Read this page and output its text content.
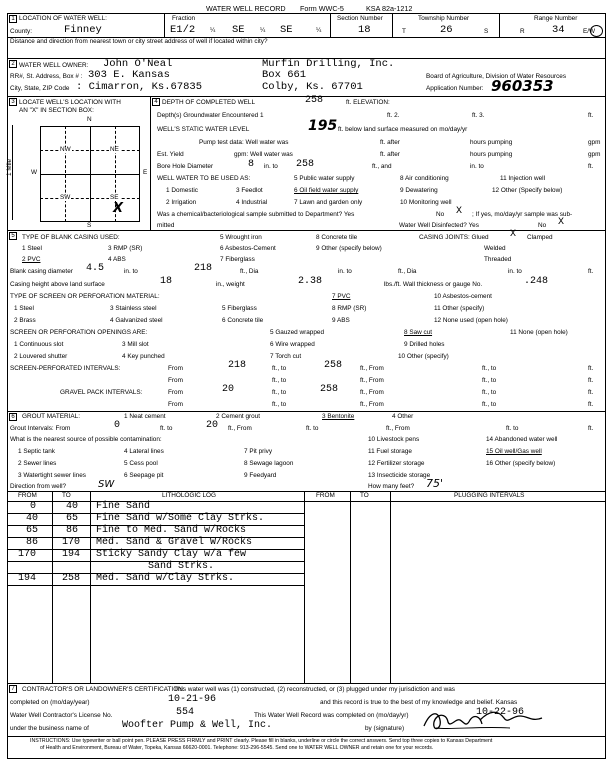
WATER WELL RECORD Form WWC-5	KSA 82a-1212
1 LOCATION OF WATER WELL:
County:	Finney
Fraction
E1/2 ¼ SE ¼ SE	¼
Section Number
18
Township Number
T	26	S
Range Number
R	34	E/W
Distance and direction from nearest town or city street address of well if located within city?
2 WATER WELL OWNER: John O'Neal	Murfin Drilling, Inc.
RR#, St. Address, Box # : 303 E. Kansas	Box 661	Board of Agriculture, Division of Water Resources
City, State, ZIP Code : Cimarron, Ks.67835	Colby, Ks. 67701	Application Number: 960353
3 LOCATE WELL'S LOCATION WITH
AN "X" IN SECTION BOX:
N
S
W	E
1 Mile
NW	NE
SW	SE
X
4 DEPTH OF COMPLETED WELL	258	ft. ELEVATION:
Depth(s) Groundwater Encountered 1	ft. 2.	ft. 3.	ft.
WELL'S STATIC WATER LEVEL	195 ft. below land surface measured on mo/day/yr
Pump test data: Well water was	ft. after	hours pumping	gpm
Est. Yield	gpm: Well water was	ft. after	hours pumping	gpm
Bore Hole Diameter	8 in. to 258	ft., and	in. to	ft.
WELL WATER TO BE USED AS:	5 Public water supply	8 Air conditioning	11 Injection well
1 Domestic	3 Feedlot	6 Oil field water supply	9 Dewatering	12 Other (Specify below)
2 Irrigation	4 Industrial	7 Lawn and garden only	10 Monitoring well
Was a chemical/bacteriological sample submitted to Department? Yes	No X ; If yes, mo/day/yr sample was sub-
mitted	Water Well Disinfected? Yes	No X
5	TYPE OF BLANK CASING USED:	5 Wrought iron	8 Concrete tile	CASING JOINTS: Glued X Clamped
1 Steel	3 RMP (SR)	6 Asbestos-Cement	9 Other (specify below)	Welded
2 PVC	4 ABS	7 Fiberglass	Threaded
Blank casing diameter 4.5	in. to	218	ft., Dia	in. to	ft., Dia	in. to	ft.
Casing height above land surface	18	in., weight	2.38	lbs./ft. Wall thickness or gauge No.	.248
TYPE OF SCREEN OR PERFORATION MATERIAL:	7 PVC	10 Asbestos-cement
1 Steel	3 Stainless steel	5 Fiberglass	8 RMP (SR)	11 Other (specify)
2 Brass	4 Galvanized steel	6 Concrete tile	9 ABS	12 None used (open hole)
SCREEN OR PERFORATION OPENINGS ARE:	5 Gauzed wrapped	8 Saw cut	11 None (open hole)
1 Continuous slot	3 Mill slot	6 Wire wrapped	9 Drilled holes
2 Louvered shutter	4 Key punched	7 Torch cut	10 Other (specify)
SCREEN-PERFORATED INTERVALS:	From	218	ft., to	258	ft., From	ft., to	ft.
From	ft., to	ft., From	ft., to	ft.
GRAVEL PACK INTERVALS:	From	20	ft., to	258	ft., From	ft., to	ft.
From	ft., to	ft., From	ft., to	ft.
6	GROUT MATERIAL:	1 Neat cement	2 Cement grout	3 Bentonite	4 Other
Grout Intervals: From	0	ft. to	20 ft., From	ft. to	ft., From	ft. to	ft.
What is the nearest source of possible contamination:	10 Livestock pens	14 Abandoned water well
1 Septic tank	4 Lateral lines	7 Pit privy	11 Fuel storage	15 Oil well/Gas well
2 Sewer lines	5 Cess pool	8 Sewage lagoon	12 Fertilizer storage	16 Other (specify below)
3 Watertight sewer lines	6 Seepage pit	9 Feedyard	13 Insecticide storage
Direction from well?	SW	How many feet? 75'
FROM	TO	LITHOLOGIC LOG	FROM	TO	PLUGGING INTERVALS
0	40 Fine Sand
40	65 Fine Sand w/Some Clay Strks.
65	86 Fine to Med. Sand w/Rocks
86 170 Med. Sand & Gravel W/Rocks
170	194 Sticky Sandy Clay w/a few
Sand Strks.
194	258 Med. Sand w/Clay Strks.
7	CONTRACTOR'S OR LANDOWNER'S CERTIFICATION:
This water well was (1) constructed, (2) reconstructed, or (3) plugged under my jurisdiction and was
completed on (mo/day/year)	10-21-96	and this record is true to the best of my knowledge and belief. Kansas
Water Well Contractor's License No.	554	This Water Well Record was completed on (mo/day/yr)	10-22-96
under the business name of	Woofter Pump & Well, Inc.	by (signature)
INSTRUCTIONS: Use typewriter or ball point pen. PLEASE PRESS FIRMLY and PRINT clearly. Please fill in blanks, underline or circle the correct answers. Send top three copies to Kansas Department
of Health and Environment, Bureau of Water, Topeka, Kansas 66620-0001. Telephone: 913-296-5545. Send one to WATER WELL OWNER and retain one for your records.
